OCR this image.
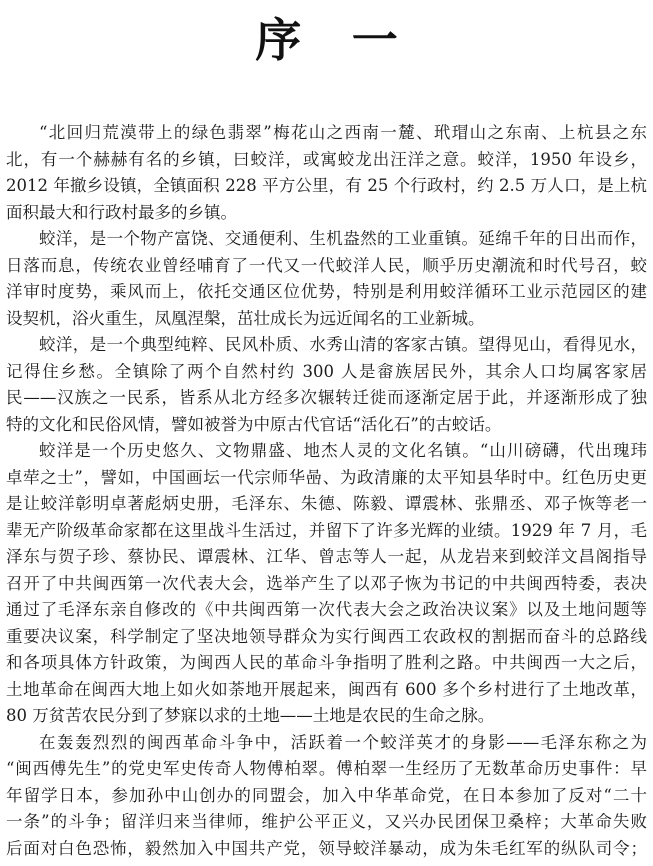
序 一
“北回归荒漠带上的绿色翡翠”梅花山之西南一麓、玳瑁山之东南、上杭县之东
北，有一个赫赫有名的乡镇，曰蛟洋，或寓蛟龙出汪洋之意。蛟洋，1950 年设乡，
2012 年撤乡设镇，全镇面积 228 平方公里，有 25 个行政村，约 2.5 万人口，是上杭
面积最大和行政村最多的乡镇。
蛟洋，是一个物产富饶、交通便利、生机盎然的工业重镇。延绵千年的日出而作，
日落而息，传统农业曾经哺育了一代又一代蛟洋人民，顺乎历史潮流和时代号召，蛟
洋审时度势，乘风而上，依托交通区位优势，特别是利用蛟洋循环工业示范园区的建
设契机，浴火重生，凤凰涅槃，茁壮成长为远近闻名的工业新城。
蛟洋，是一个典型纯粹、民风朴质、水秀山清的客家古镇。望得见山，看得见水，
记得住乡愁。全镇除了两个自然村约 300 人是畲族居民外，其余人口均属客家居
民——汉族之一民系，皆系从北方经多次辗转迁徙而逐渐定居于此，并逐渐形成了独
特的文化和民俗风情，譬如被誉为中原古代官话“活化石”的古蛟话。
蛟洋是一个历史悠久、文物鼎盛、地杰人灵的文化名镇。“山川磅礴，代出瑰玮
卓荦之士”，譬如，中国画坛一代宗师华喦、为政清廉的太平知县华时中。红色历史更
是让蛟洋彰明卓著彪炳史册，毛泽东、朱德、陈毅、谭震林、张鼎丞、邓子恢等老一
辈无产阶级革命家都在这里战斗生活过，并留下了许多光辉的业绩。1929 年 7 月，毛
泽东与贺子珍、蔡协民、谭震林、江华、曾志等人一起，从龙岩来到蛟洋文昌阁指导
召开了中共闽西第一次代表大会，选举产生了以邓子恢为书记的中共闽西特委，表决
通过了毛泽东亲自修改的《中共闽西第一次代表大会之政治决议案》以及土地问题等
重要决议案，科学制定了坚决地领导群众为实行闽西工农政权的割据而奋斗的总路线
和各项具体方针政策，为闽西人民的革命斗争指明了胜利之路。中共闽西一大之后，
土地革命在闽西大地上如火如荼地开展起来，闽西有 600 多个乡村进行了土地改革，
80 万贫苦农民分到了梦寐以求的土地——土地是农民的生命之脉。
在轰轰烈烈的闽西革命斗争中，活跃着一个蛟洋英才的身影——毛泽东称之为
“闽西傅先生”的党史军史传奇人物傅柏翠。傅柏翠一生经历了无数革命历史事件：早
年留学日本，参加孙中山创办的同盟会，加入中华革命党，在日本参加了反对“二十
一条”的斗争；留洋归来当律师，维护公平正义，又兴办民团保卫桑梓；大革命失败
后面对白色恐怖，毅然加入中国共产党，领导蛟洋暴动，成为朱毛红军的纵队司令；
